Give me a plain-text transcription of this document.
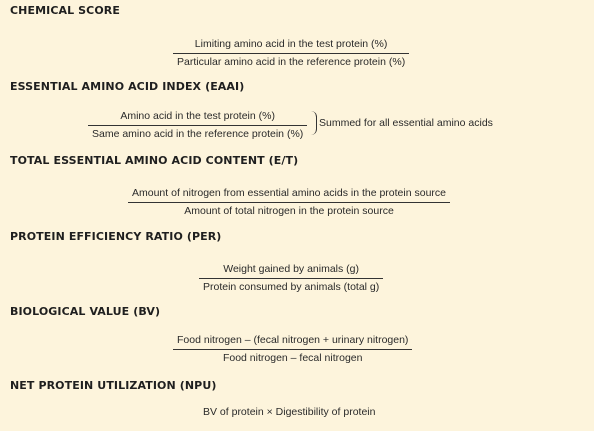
CHEMICAL SCORE
Limiting amino acid in the test protein (%)
Particular amino acid in the reference protein (%)
ESSENTIAL AMINO ACID INDEX (EAAI)
Amino acid in the test protein (%)
Same amino acid in the reference protein (%)
Summed for all essential amino acids
TOTAL ESSENTIAL AMINO ACID CONTENT (E/T)
Amount of nitrogen from essential amino acids in the protein source
Amount of total nitrogen in the protein source
PROTEIN EFFICIENCY RATIO (PER)
Weight gained by animals (g)
Protein consumed by animals (total g)
BIOLOGICAL VALUE (BV)
Food nitrogen – (fecal nitrogen + urinary nitrogen)
Food nitrogen – fecal nitrogen
NET PROTEIN UTILIZATION (NPU)
BV of protein × Digestibility of protein
